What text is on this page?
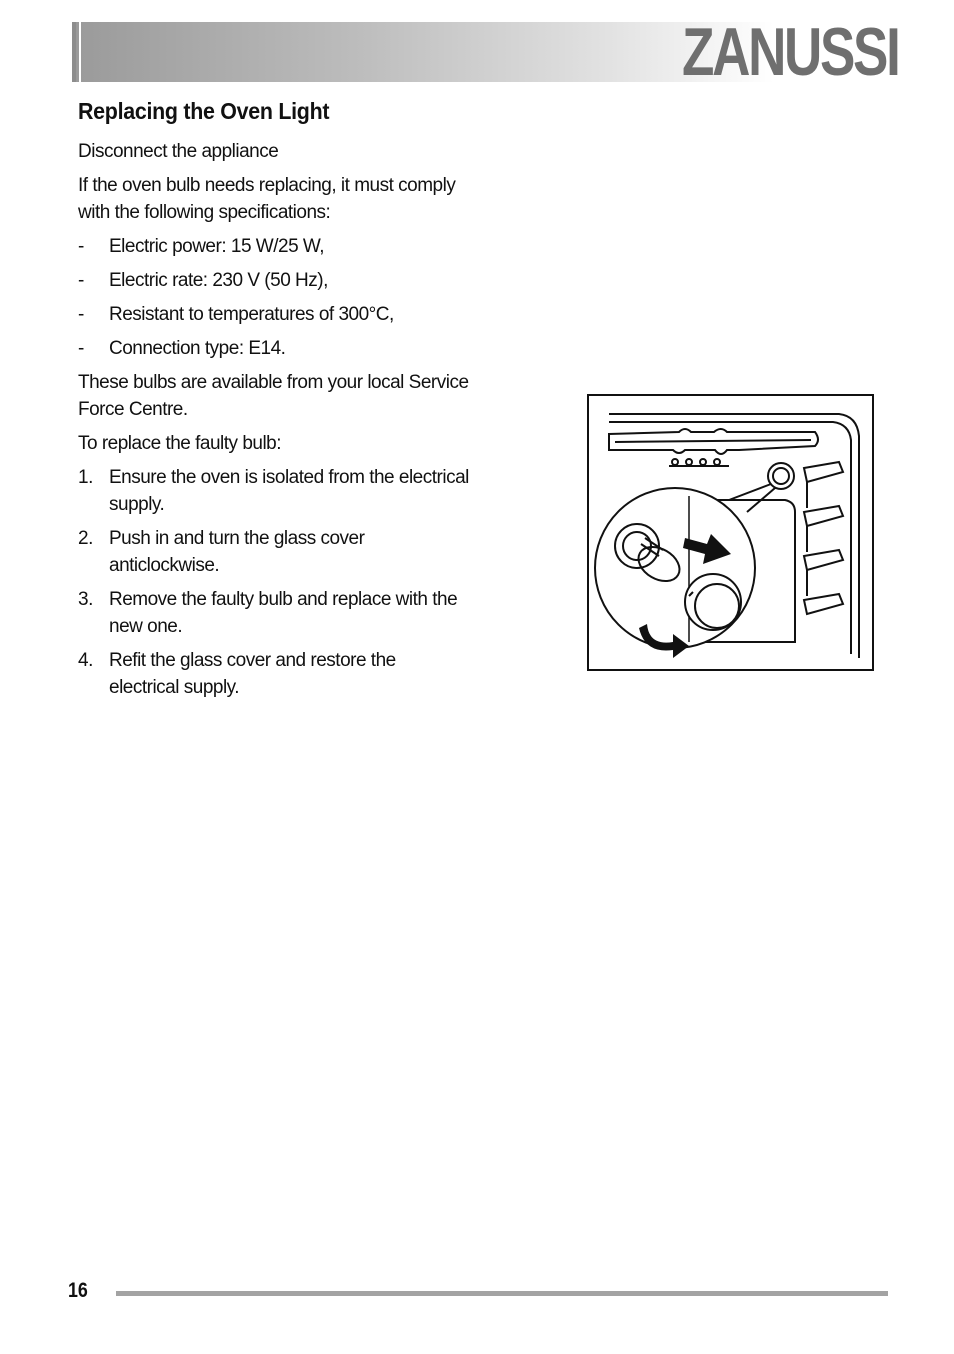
ZANUSSI
Replacing the Oven Light

Disconnect the appliance

If the oven bulb needs replacing, it must comply with the following specifications:

- Electric power: 15 W/25 W,
- Electric rate: 230 V (50 Hz),
- Resistant to temperatures of 300°C,
- Connection type: E14.

These bulbs are available from your local Service Force Centre.

To replace the faulty bulb:

1. Ensure the oven is isolated from the electrical supply.
2. Push in and turn the glass cover anticlockwise.
3. Remove the faulty bulb and replace with the new one.
4. Refit the glass cover and restore the electrical supply.
16
